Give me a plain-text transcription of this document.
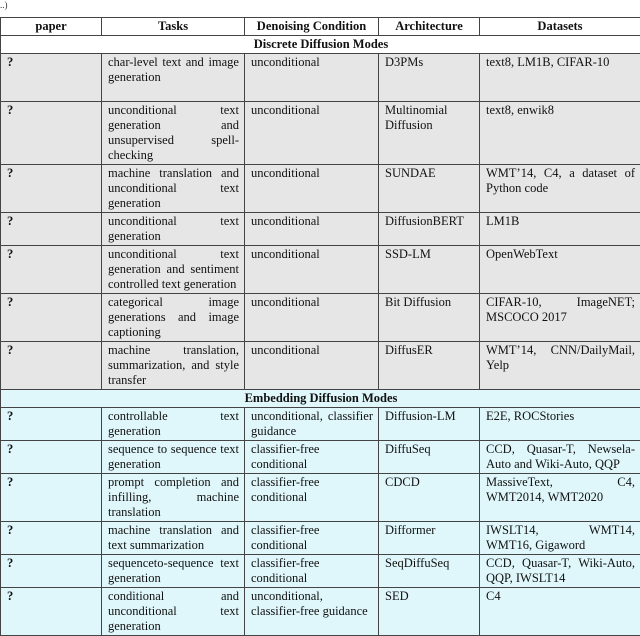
..)
paper	Tasks	Denoising Condition	Architecture	Datasets
Discrete Diffusion Modes				
?	char-level text and image generation	unconditional	D3PMs	text8, LM1B, CIFAR-10
?	unconditional text generation and unsupervised spell-checking	unconditional	Multinomial Diffusion	text8, enwik8
?	machine translation and unconditional text generation	unconditional	SUNDAE	WMT’14, C4, a dataset of Python code
?	unconditional text generation	unconditional	DiffusionBERT	LM1B
?	unconditional text generation and sentiment controlled text generation	unconditional	SSD-LM	OpenWebText
?	categorical image generations and image captioning	unconditional	Bit Diffusion	CIFAR-10, ImageNET; MSCOCO 2017
?	machine translation, summarization, and style transfer	unconditional	DiffusER	WMT’14, CNN/DailyMail, Yelp
Embedding Diffusion Modes				
?	controllable text generation	unconditional, classifier guidance	Diffusion-LM	E2E, ROCStories
?	sequence to sequence text generation	classifier-free conditional	DiffuSeq	CCD, Quasar-T, Newsela-Auto and Wiki-Auto, QQP
?	prompt completion and infilling, machine translation	classifier-free conditional	CDCD	MassiveText, C4, WMT2014, WMT2020
?	machine translation and text summarization	classifier-free conditional	Difformer	IWSLT14, WMT14, WMT16, Gigaword
?	sequenceto-sequence text generation	classifier-free conditional	SeqDiffuSeq	CCD, Quasar-T, Wiki-Auto, QQP, IWSLT14
?	conditional and unconditional text generation	unconditional, classifier-free guidance	SED	C4
